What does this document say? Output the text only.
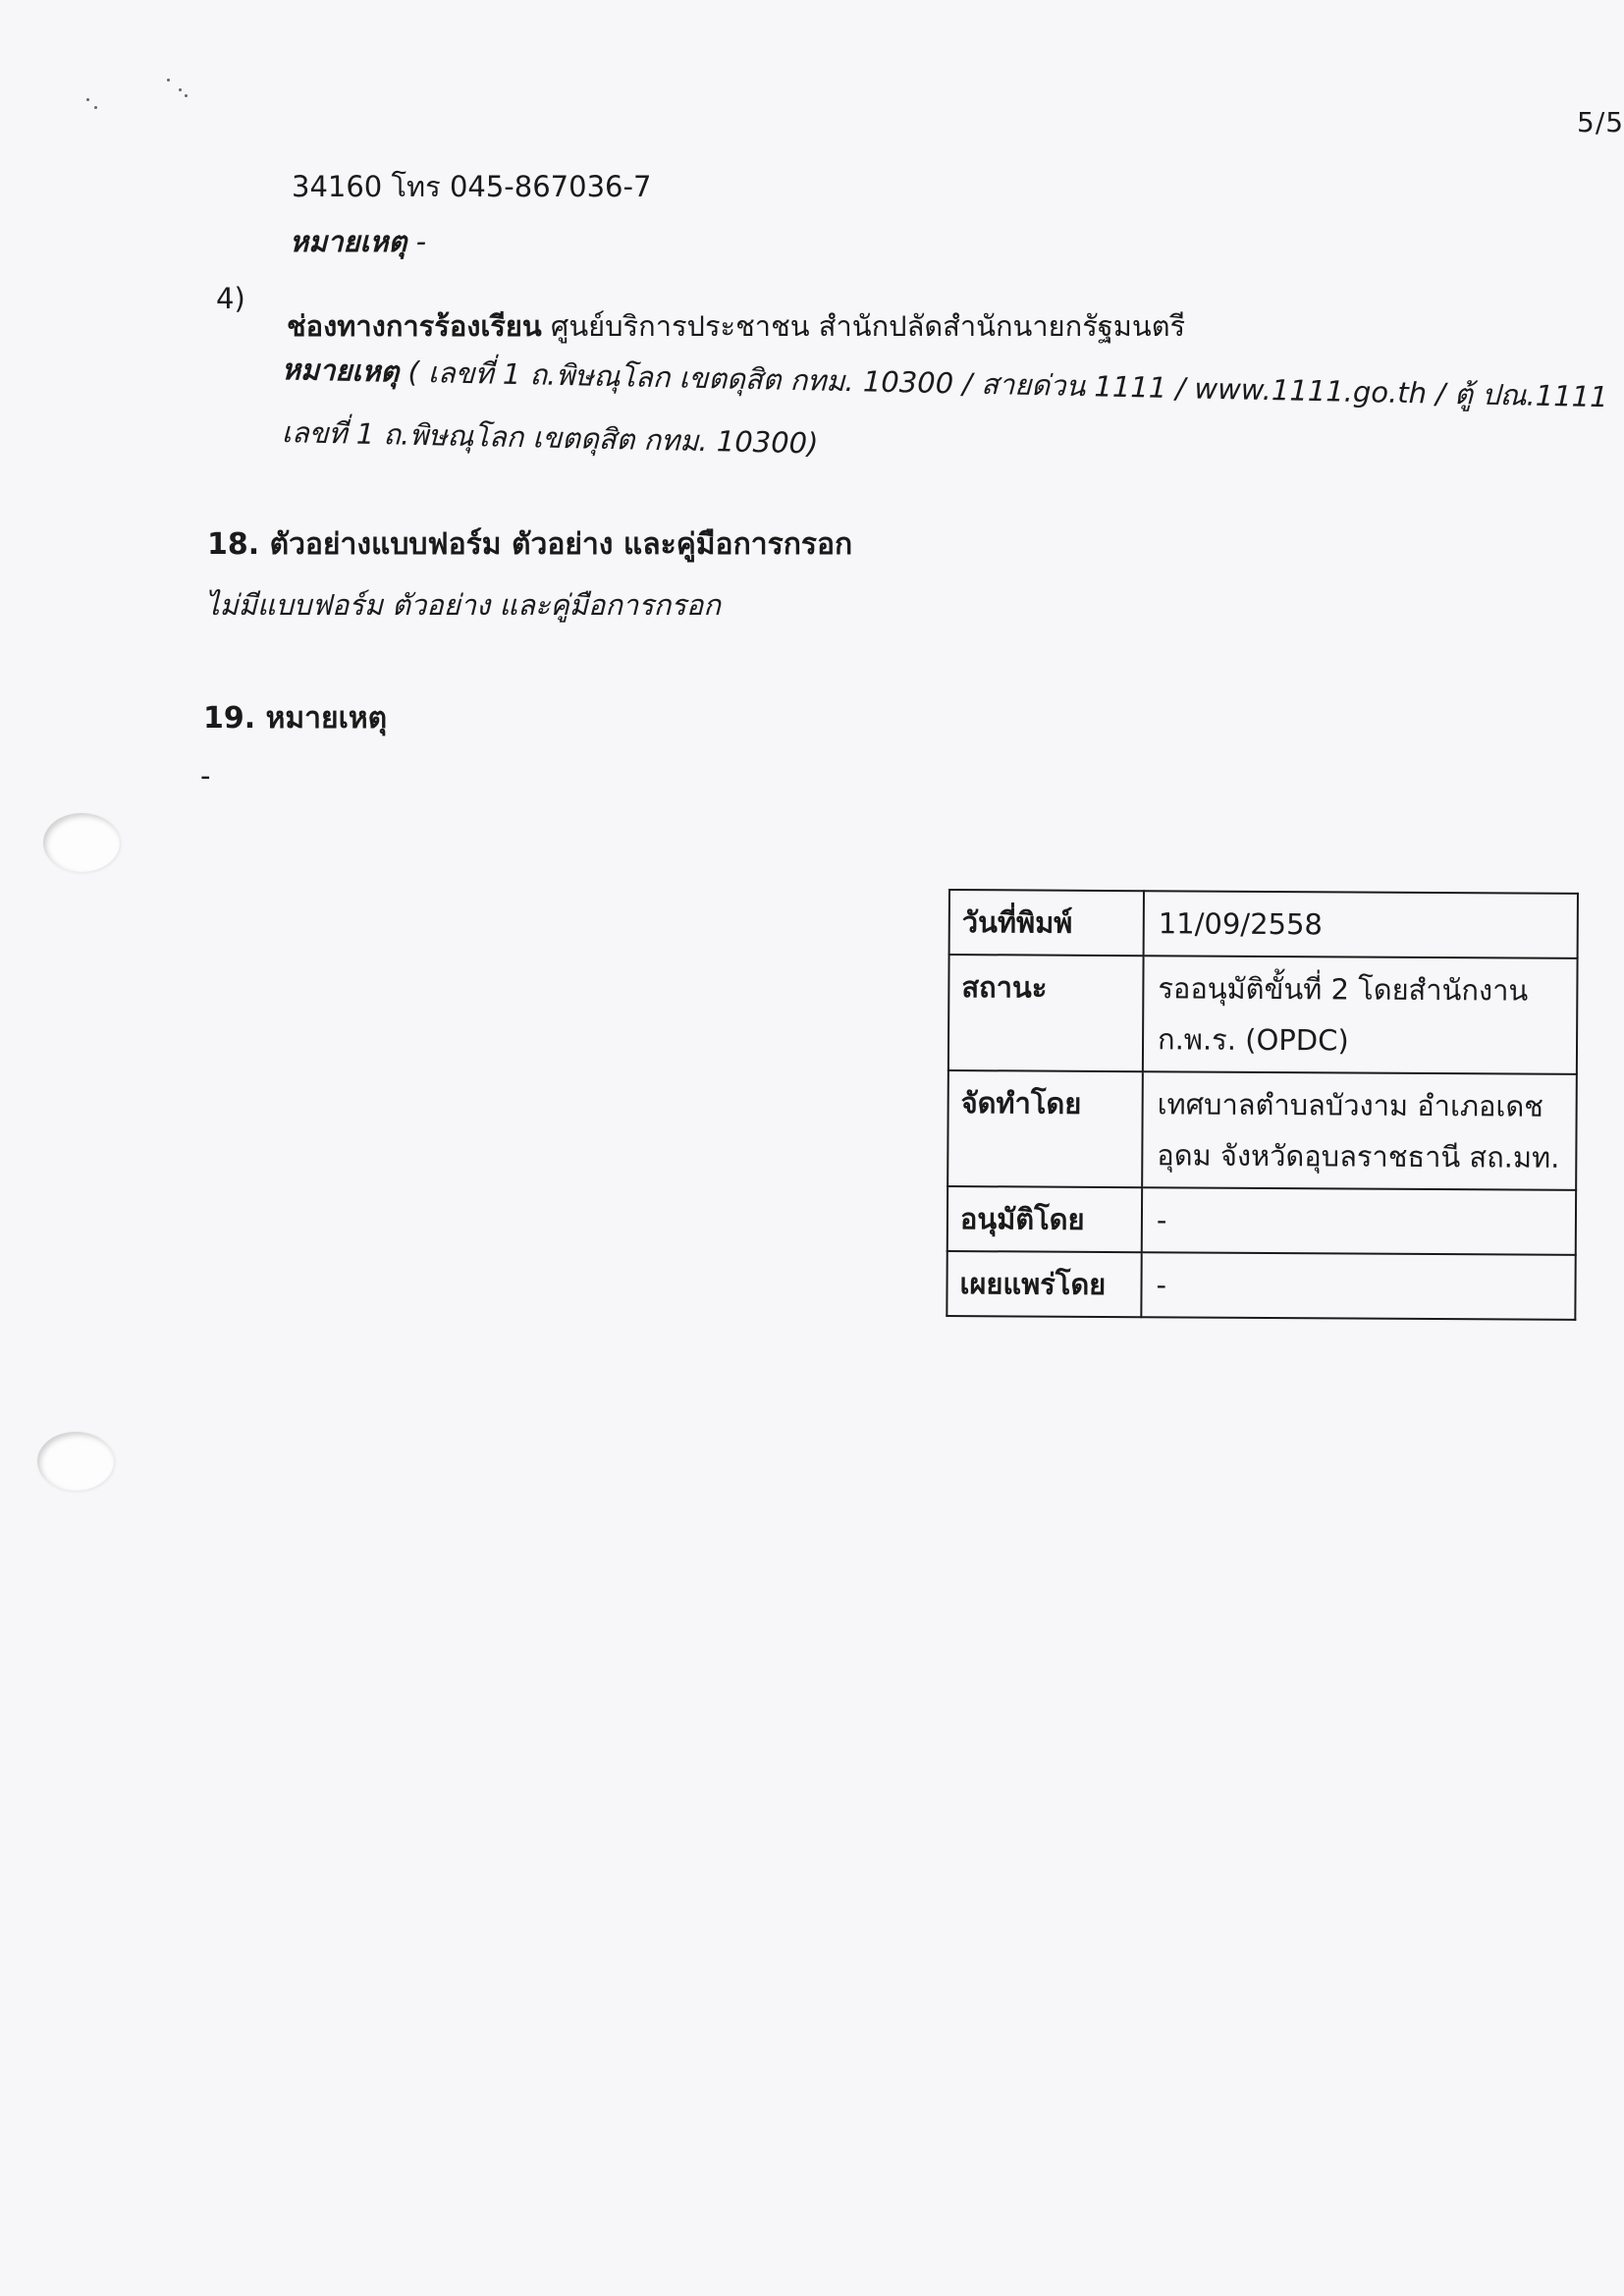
5/5
34160 โทร 045-867036-7
หมายเหตุ -
4)
ช่องทางการร้องเรียน ศูนย์บริการประชาชน สำนักปลัดสำนักนายกรัฐมนตรี
หมายเหตุ ( เลขที่ 1 ถ.พิษณุโลก เขตดุสิต กทม. 10300 / สายด่วน 1111 / www.1111.go.th / ตู้ ปณ.1111
เลขที่ 1 ถ.พิษณุโลก เขตดุสิต กทม. 10300)
18. ตัวอย่างแบบฟอร์ม ตัวอย่าง และคู่มือการกรอก
ไม่มีแบบฟอร์ม ตัวอย่าง และคู่มือการกรอก
19. หมายเหตุ
-
วันที่พิมพ์	11/09/2558
สถานะ	รออนุมัติขั้นที่ 2 โดยสำนักงาน
ก.พ.ร. (OPDC)

จัดทำโดย	เทศบาลตำบลบัวงาม อำเภอเดช
อุดม จังหวัดอุบลราชธานี สถ.มท.

อนุมัติโดย	-
เผยแพร่โดย	-
